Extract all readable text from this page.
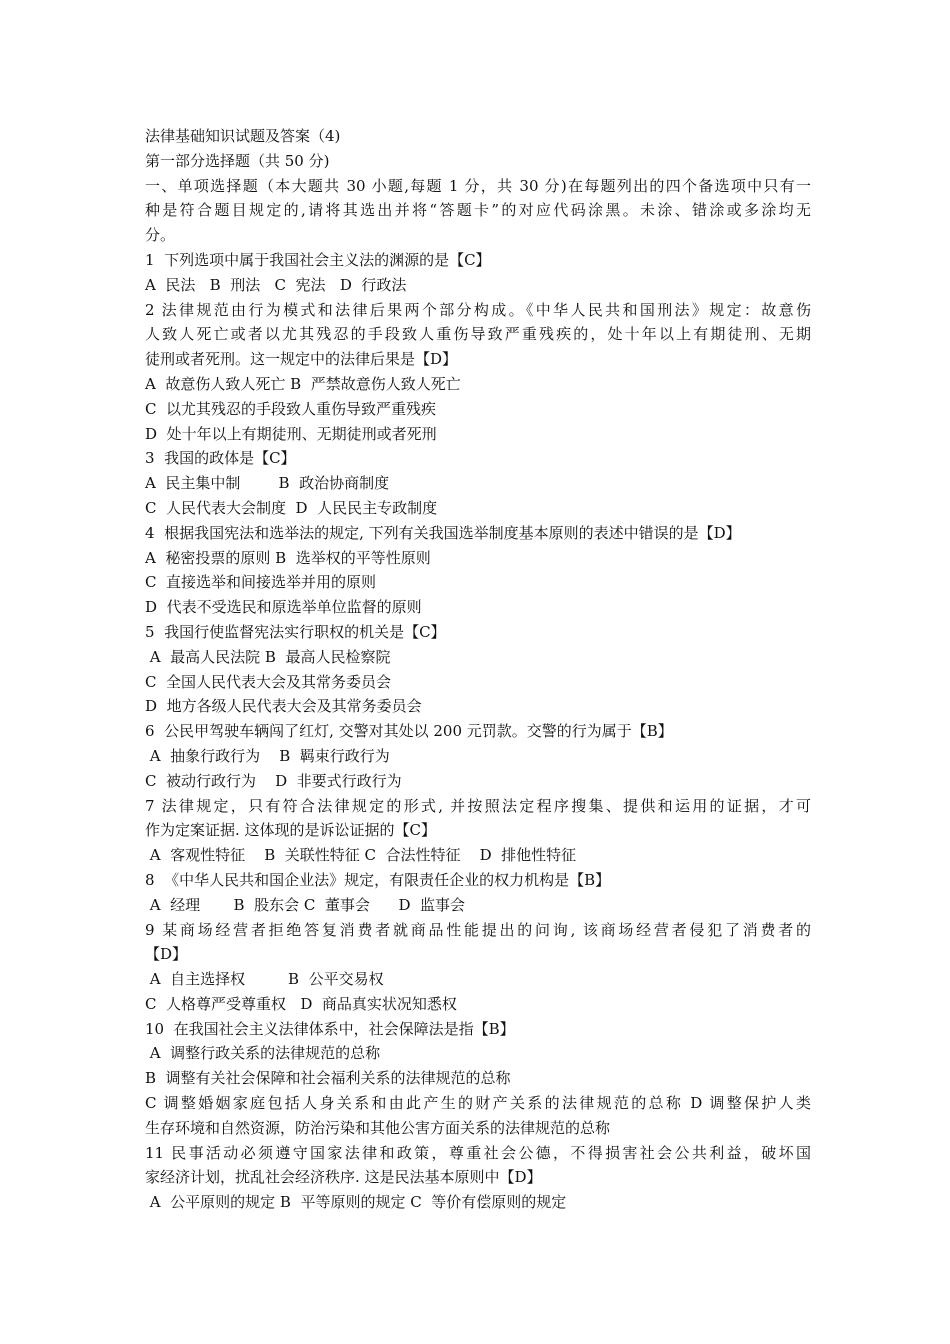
法律基础知识试题及答案（4)
第一部分选择题（共 50 分)
一、单项选择题（本大题共 30 小题,每题 1 分，共 30 分)在每题列出的四个备选项中只有一
种是符合题目规定的,请将其选出并将“答题卡”的对应代码涂黑。未涂、错涂或多涂均无
分。
1  下列选项中属于我国社会主义法的渊源的是【C】
A  民法   B  刑法   C  宪法   D  行政法
2 法律规范由行为模式和法律后果两个部分构成。《中华人民共和国刑法》规定：故意伤
人致人死亡或者以尤其残忍的手段致人重伤导致严重残疾的，处十年以上有期徒刑、无期
徒刑或者死刑。这一规定中的法律后果是【D】
A  故意伤人致人死亡 B  严禁故意伤人致人死亡
C  以尤其残忍的手段致人重伤导致严重残疾
D  处十年以上有期徒刑、无期徒刑或者死刑
3  我国的政体是【C】
A  民主集中制        B  政治协商制度
C  人民代表大会制度  D  人民民主专政制度
4  根据我国宪法和选举法的规定, 下列有关我国选举制度基本原则的表述中错误的是【D】
A  秘密投票的原则 B  选举权的平等性原则
C  直接选举和间接选举并用的原则
D  代表不受选民和原选举单位监督的原则
5  我国行使监督宪法实行职权的机关是【C】
A  最高人民法院 B  最高人民检察院
C  全国人民代表大会及其常务委员会
D  地方各级人民代表大会及其常务委员会
6  公民甲驾驶车辆闯了红灯, 交警对其处以 200 元罚款。交警的行为属于【B】
A  抽象行政行为    B  羁束行政行为
C  被动行政行为    D  非要式行政行为
7 法律规定，只有符合法律规定的形式, 并按照法定程序搜集、提供和运用的证据，才可
作为定案证据. 这体现的是诉讼证据的【C】
A  客观性特征    B  关联性特征 C  合法性特征    D  排他性特征
8  《中华人民共和国企业法》规定，有限责任企业的权力机构是【B】
A  经理       B  股东会 C  董事会      D  监事会
9 某商场经营者拒绝答复消费者就商品性能提出的问询, 该商场经营者侵犯了消费者的
【D】
A  自主选择权         B  公平交易权
C  人格尊严受尊重权   D  商品真实状况知悉权
10  在我国社会主义法律体系中，社会保障法是指【B】
A  调整行政关系的法律规范的总称
B  调整有关社会保障和社会福利关系的法律规范的总称
C 调整婚姻家庭包括人身关系和由此产生的财产关系的法律规范的总称 D 调整保护人类
生存环境和自然资源，防治污染和其他公害方面关系的法律规范的总称
11 民事活动必须遵守国家法律和政策，尊重社会公德，不得损害社会公共利益，破坏国
家经济计划，扰乱社会经济秩序. 这是民法基本原则中【D】
A  公平原则的规定 B  平等原则的规定 C  等价有偿原则的规定
